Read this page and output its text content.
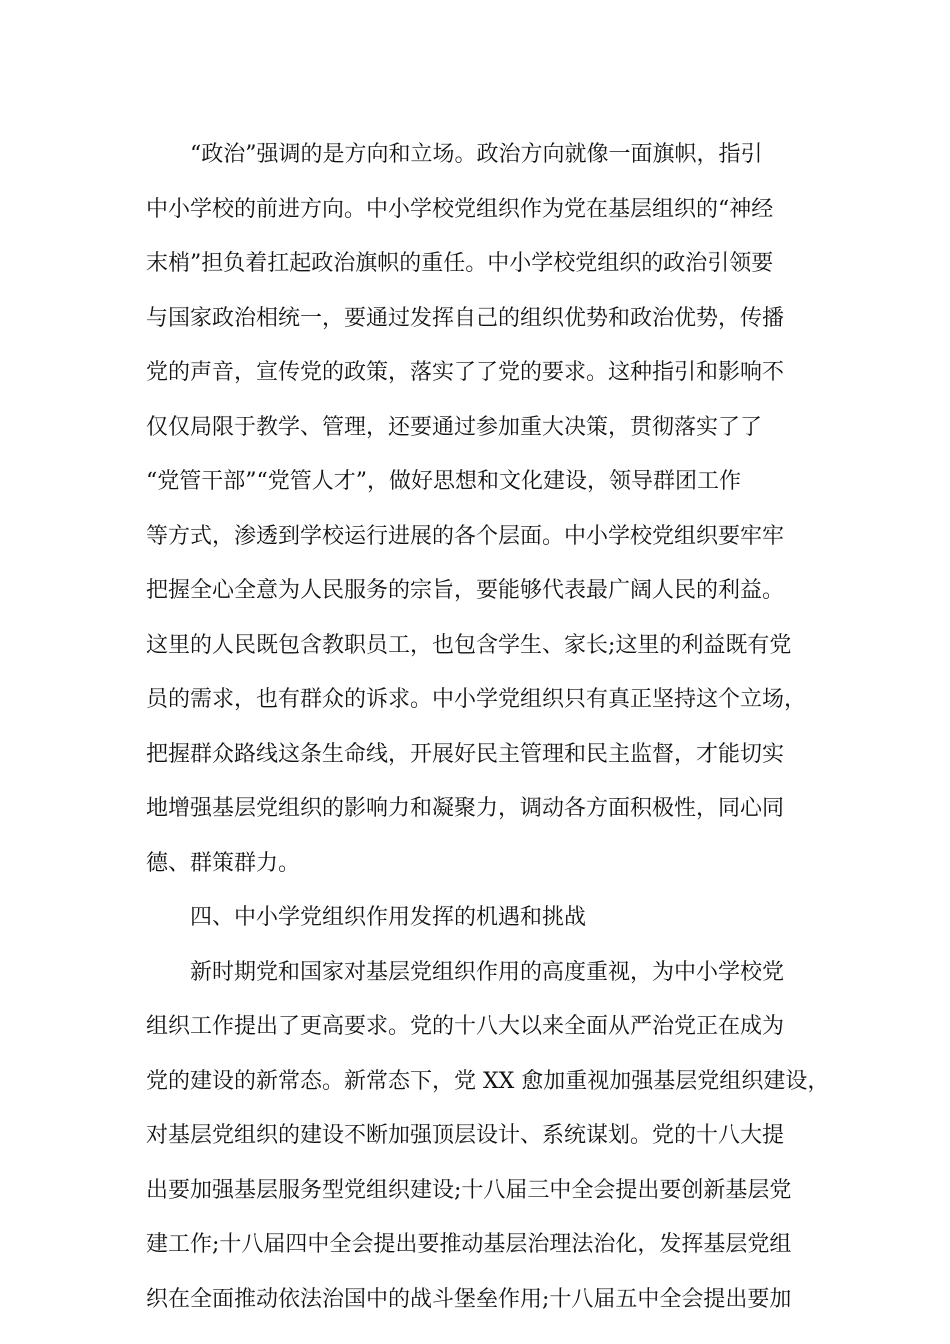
“政治”强调的是方向和立场。政治方向就像一面旗帜，指引
中小学校的前进方向。中小学校党组织作为党在基层组织的“神经
末梢”担负着扛起政治旗帜的重任。中小学校党组织的政治引领要
与国家政治相统一，要通过发挥自己的组织优势和政治优势，传播
党的声音，宣传党的政策，落实了了党的要求。这种指引和影响不
仅仅局限于教学、管理，还要通过参加重大决策，贯彻落实了了
“党管干部”“党管人才”，做好思想和文化建设，领导群团工作
等方式，渗透到学校运行进展的各个层面。中小学校党组织要牢牢
把握全心全意为人民服务的宗旨，要能够代表最广阔人民的利益。
这里的人民既包含教职员工，也包含学生、家长;这里的利益既有党
员的需求，也有群众的诉求。中小学党组织只有真正坚持这个立场，
把握群众路线这条生命线，开展好民主管理和民主监督，才能切实
地增强基层党组织的影响力和凝聚力，调动各方面积极性，同心同
德、群策群力。
四、中小学党组织作用发挥的机遇和挑战
新时期党和国家对基层党组织作用的高度重视，为中小学校党
组织工作提出了更高要求。党的十八大以来全面从严治党正在成为
党的建设的新常态。新常态下，党 XX 愈加重视加强基层党组织建设，
对基层党组织的建设不断加强顶层设计、系统谋划。党的十八大提
出要加强基层服务型党组织建设;十八届三中全会提出要创新基层党
建工作;十八届四中全会提出要推动基层治理法治化，发挥基层党组
织在全面推动依法治国中的战斗堡垒作用;十八届五中全会提出要加
